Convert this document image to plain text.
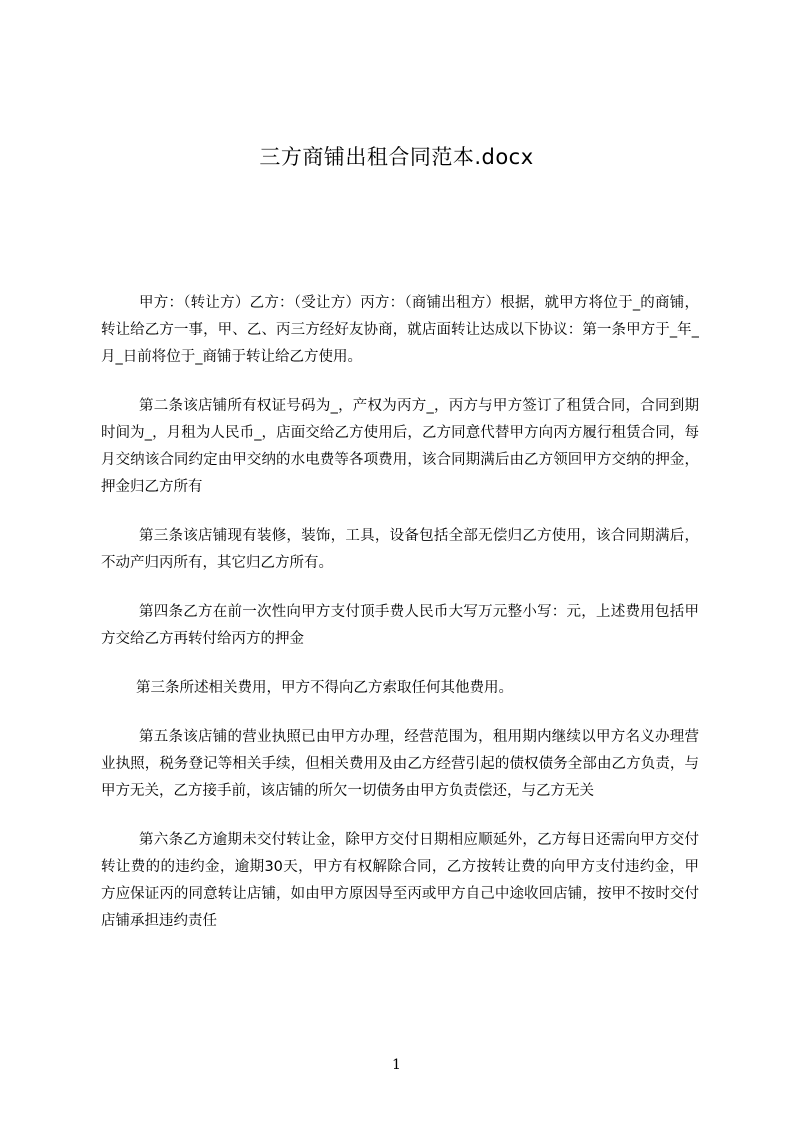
三方商铺出租合同范本.docx

甲方：（转让方）乙方：（受让方）丙方：（商铺出租方）根据，就甲方将位于_的商铺，转让给乙方一事，甲、乙、丙三方经好友协商，就店面转让达成以下协议：第一条甲方于_年_月_日前将位于_商铺于转让给乙方使用。

第二条该店铺所有权证号码为_，产权为丙方_，丙方与甲方签订了租赁合同，合同到期时间为_，月租为人民币_，店面交给乙方使用后，乙方同意代替甲方向丙方履行租赁合同，每月交纳该合同约定由甲交纳的水电费等各项费用，该合同期满后由乙方领回甲方交纳的押金，押金归乙方所有

第三条该店铺现有装修，装饰，工具，设备包括全部无偿归乙方使用，该合同期满后，不动产归丙所有，其它归乙方所有。

第四条乙方在前一次性向甲方支付顶手费人民币大写万元整小写：元，上述费用包括甲方交给乙方再转付给丙方的押金

第三条所述相关费用，甲方不得向乙方索取任何其他费用。

第五条该店铺的营业执照已由甲方办理，经营范围为，租用期内继续以甲方名义办理营业执照，税务登记等相关手续，但相关费用及由乙方经营引起的债权债务全部由乙方负责，与甲方无关，乙方接手前，该店铺的所欠一切债务由甲方负责偿还，与乙方无关

第六条乙方逾期未交付转让金，除甲方交付日期相应顺延外，乙方每日还需向甲方交付转让费的的违约金，逾期30天，甲方有权解除合同，乙方按转让费的向甲方支付违约金，甲方应保证丙的同意转让店铺，如由甲方原因导至丙或甲方自己中途收回店铺，按甲不按时交付店铺承担违约责任

1
